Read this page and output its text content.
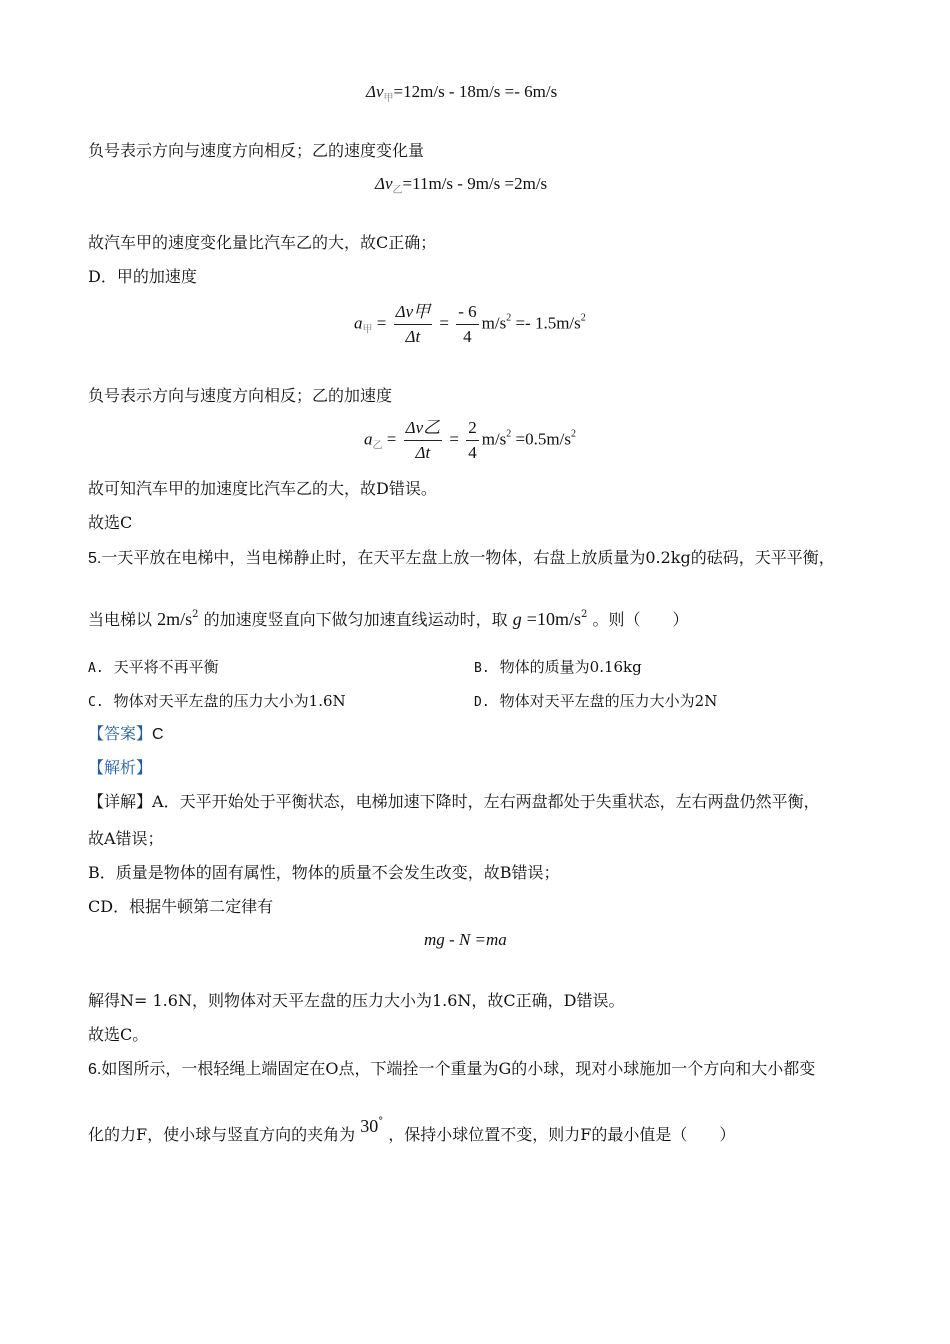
$\Delta v_甲=12m/s - 18m/s =- 6m/s$
负号表示方向与速度方向相反；乙的速度变化量
$\Delta v_乙=11m/s - 9m/s =2m/s$
故汽车甲的速度变化量比汽车乙的大，故C正确；
D．甲的加速度
$a_甲 = \frac{\text{Δv甲}}{\Delta t} = \frac{- 6}{4} m/s^2 =- 1.5m/s^2$
负号表示方向与速度方向相反；乙的加速度
$a_乙 = \frac{\text{Δv乙}}{\Delta t} = \frac{2}{4} m/s^2 =0.5m/s^2$
故可知汽车甲的加速度比汽车乙的大，故D错误。
故选C
5.一天平放在电梯中，当电梯静止时，在天平左盘上放一物体，右盘上放质量为0.2kg的砝码，天平平衡，
当电梯以 $2m/s^2$ 的加速度竖直向下做匀加速直线运动时，取 $g =10m/s^2$ 。则（　　）
A. 天平将不再平衡	B. 物体的质量为0.16kg
C. 物体对天平左盘的压力大小为1.6N	D. 物体对天平左盘的压力大小为2N
【答案】C
【解析】
【详解】A．天平开始处于平衡状态，电梯加速下降时，左右两盘都处于失重状态，左右两盘仍然平衡，
故A错误；
B．质量是物体的固有属性，物体的质量不会发生改变，故B错误；
CD．根据牛顿第二定律有
mg - N =ma
解得N= 1.6N，则物体对天平左盘的压力大小为1.6N，故C正确，D错误。
故选C。
6.如图所示，一根轻绳上端固定在O点，下端拴一个重量为G的小球，现对小球施加一个方向和大小都变
化的力F，使小球与竖直方向的夹角为 30° ，保持小球位置不变，则力F的最小值是（　　）
